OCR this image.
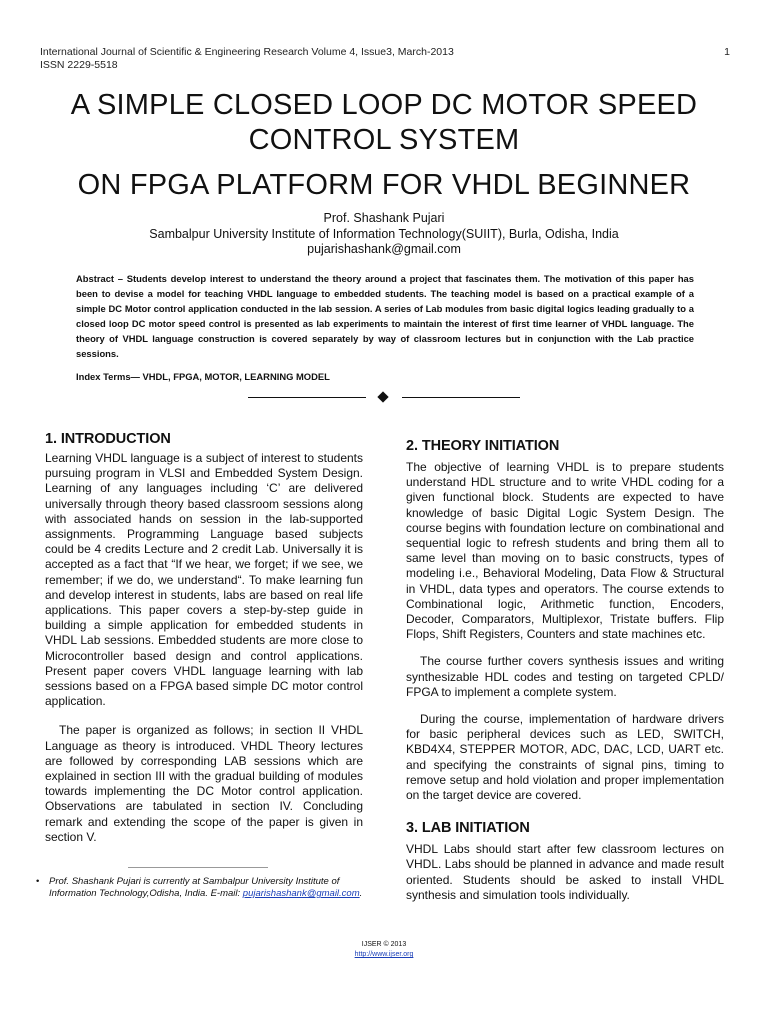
International Journal of Scientific & Engineering Research Volume 4, Issue3, March-2013
ISSN 2229-5518
1
A SIMPLE CLOSED LOOP DC MOTOR SPEED
CONTROL SYSTEM
ON FPGA PLATFORM FOR VHDL BEGINNER
Prof. Shashank Pujari
Sambalpur University Institute of Information Technology(SUIIT), Burla, Odisha, India
pujarishashank@gmail.com
Abstract – Students develop interest to understand the theory around a project that fascinates them. The motivation of this paper has been to devise a model for teaching VHDL language to embedded students. The teaching model is based on a practical example of a simple DC Motor control application conducted in the lab session. A series of Lab modules from basic digital logics leading gradually to a closed loop DC motor speed control is presented as lab experiments to maintain the interest of first time learner of VHDL language. The theory of VHDL language construction is covered separately by way of classroom lectures but in conjunction with the Lab practice sessions.
Index Terms— VHDL, FPGA, MOTOR, LEARNING MODEL
1. INTRODUCTION

Learning VHDL language is a subject of interest to students pursuing program in VLSI and Embedded System Design. Learning of any languages including ‘C’ are delivered universally through theory based classroom sessions along with associated hands on session in the lab-supported assignments. Programming Language based subjects could be 4 credits Lecture and 2 credit Lab. Universally it is accepted as a fact that “If we hear, we forget; if we see, we remember; if we do, we understand“. To make learning fun and develop interest in students, labs are based on real life applications. This paper covers a step-by-step guide in building a simple application for embedded students in VHDL Lab sessions. Embedded students are more close to Microcontroller based design and control applications. Present paper covers VHDL language learning with lab sessions based on a FPGA based simple DC motor control application.

The paper is organized as follows; in section II VHDL Language as theory is introduced. VHDL Theory lectures are followed by corresponding LAB sessions which are explained in section III with the gradual building of modules towards implementing the DC Motor control application. Observations are tabulated in section IV. Concluding remark and extending the scope of the paper is given in section V.

2. THEORY INITIATION

The objective of learning VHDL is to prepare students understand HDL structure and to write VHDL coding for a given functional block. Students are expected to have knowledge of basic Digital Logic System Design. The course begins with foundation lecture on combinational and sequential logic to refresh students and bring them all to same level than moving on to basic constructs, types of modeling i.e., Behavioral Modeling, Data Flow & Structural in VHDL, data types and operators. The course extends to Combinational logic, Arithmetic function, Encoders, Decoder, Comparators, Multiplexor, Tristate buffers. Flip Flops, Shift Registers, Counters and state machines etc.

The course further covers synthesis issues and writing synthesizable HDL codes and testing on targeted CPLD/ FPGA to implement a complete system.

During the course, implementation of hardware drivers for basic peripheral devices such as LED, SWITCH, KBD4X4, STEPPER MOTOR, ADC, DAC, LCD, UART etc. and specifying the constraints of signal pins, timing to remove setup and hold violation and proper implementation on the target device are covered.

3. LAB INITIATION

VHDL Labs should start after few classroom lectures on VHDL. Labs should be planned in advance and made result oriented. Students should be asked to install VHDL synthesis and simulation tools individually.

•	Prof. Shashank Pujari is currently at Sambalpur University Institute of Information Technology,Odisha, India. E-mail: pujarishashank@gmail.com.
IJSER © 2013
http://www.ijser.org
